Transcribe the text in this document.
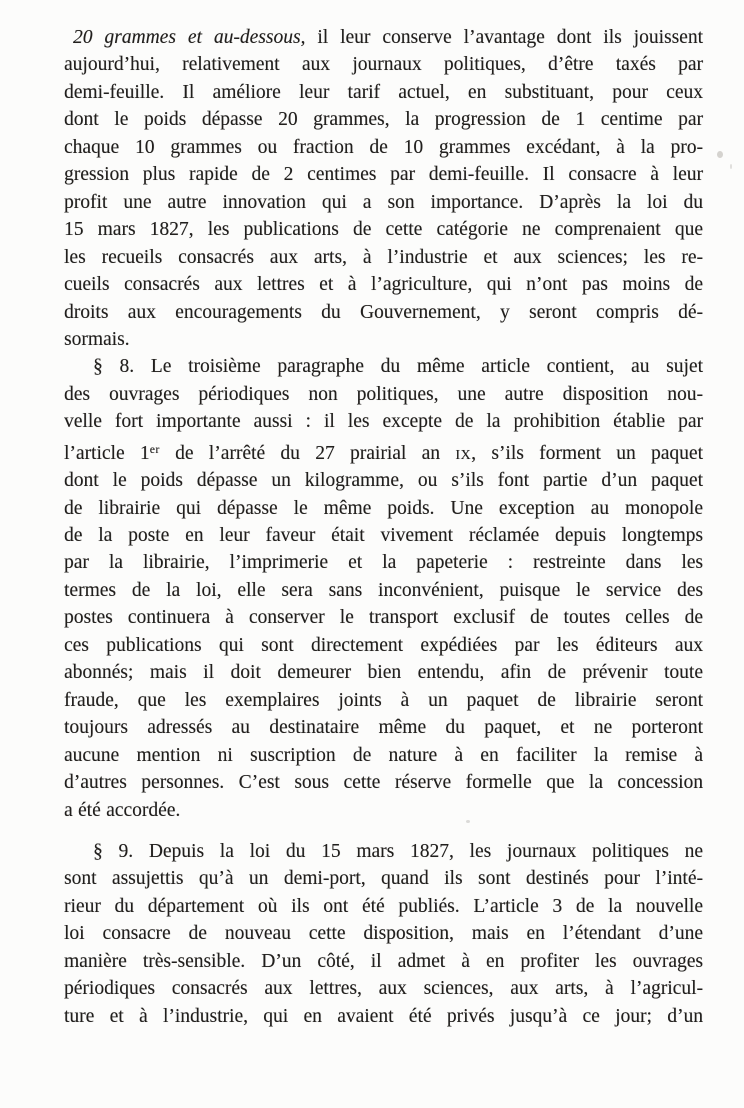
20 grammes et au-dessous, il leur conserve l’avantage dont ils jouissent
aujourd’hui, relativement aux journaux politiques, d’être taxés par
demi-feuille. Il améliore leur tarif actuel, en substituant, pour ceux
dont le poids dépasse 20 grammes, la progression de 1 centime par
chaque 10 grammes ou fraction de 10 grammes excédant, à la pro-
gression plus rapide de 2 centimes par demi-feuille. Il consacre à leur
profit une autre innovation qui a son importance. D’après la loi du
15 mars 1827, les publications de cette catégorie ne comprenaient que
les recueils consacrés aux arts, à l’industrie et aux sciences; les re-
cueils consacrés aux lettres et à l’agriculture, qui n’ont pas moins de
droits aux encouragements du Gouvernement, y seront compris dé-
sormais.
§ 8. Le troisième paragraphe du même article contient, au sujet
des ouvrages périodiques non politiques, une autre disposition nou-
velle fort importante aussi : il les excepte de la prohibition établie par
l’article 1er de l’arrêté du 27 prairial an ix, s’ils forment un paquet
dont le poids dépasse un kilogramme, ou s’ils font partie d’un paquet
de librairie qui dépasse le même poids. Une exception au monopole
de la poste en leur faveur était vivement réclamée depuis longtemps
par la librairie, l’imprimerie et la papeterie : restreinte dans les
termes de la loi, elle sera sans inconvénient, puisque le service des
postes continuera à conserver le transport exclusif de toutes celles de
ces publications qui sont directement expédiées par les éditeurs aux
abonnés; mais il doit demeurer bien entendu, afin de prévenir toute
fraude, que les exemplaires joints à un paquet de librairie seront
toujours adressés au destinataire même du paquet, et ne porteront
aucune mention ni suscription de nature à en faciliter la remise à
d’autres personnes. C’est sous cette réserve formelle que la concession
a été accordée.
§ 9. Depuis la loi du 15 mars 1827, les journaux politiques ne
sont assujettis qu’à un demi-port, quand ils sont destinés pour l’inté-
rieur du département où ils ont été publiés. L’article 3 de la nouvelle
loi consacre de nouveau cette disposition, mais en l’étendant d’une
manière très-sensible. D’un côté, il admet à en profiter les ouvrages
périodiques consacrés aux lettres, aux sciences, aux arts, à l’agricul-
ture et à l’industrie, qui en avaient été privés jusqu’à ce jour; d’un
